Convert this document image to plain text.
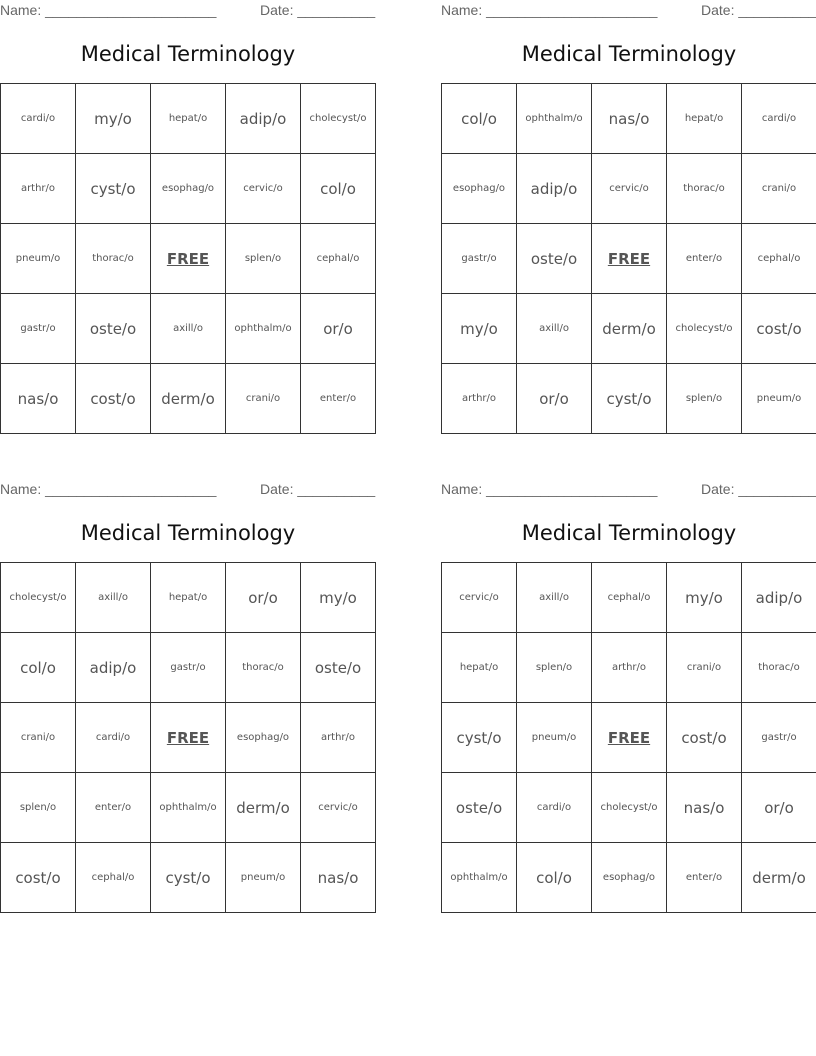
Name: ______________________	Date: __________
Medical Terminology
cardi/o	my/o	hepat/o	adip/o	cholecyst/o
arthr/o	cyst/o	esophag/o	cervic/o	col/o
pneum/o	thorac/o	FREE	splen/o	cephal/o
gastr/o	oste/o	axill/o	ophthalm/o	or/o
nas/o	cost/o	derm/o	crani/o	enter/o
Name: ______________________	Date: __________
Medical Terminology
col/o	ophthalm/o	nas/o	hepat/o	cardi/o
esophag/o	adip/o	cervic/o	thorac/o	crani/o
gastr/o	oste/o	FREE	enter/o	cephal/o
my/o	axill/o	derm/o	cholecyst/o	cost/o
arthr/o	or/o	cyst/o	splen/o	pneum/o
Name: ______________________	Date: __________
Medical Terminology
cholecyst/o	axill/o	hepat/o	or/o	my/o
col/o	adip/o	gastr/o	thorac/o	oste/o
crani/o	cardi/o	FREE	esophag/o	arthr/o
splen/o	enter/o	ophthalm/o	derm/o	cervic/o
cost/o	cephal/o	cyst/o	pneum/o	nas/o
Name: ______________________	Date: __________
Medical Terminology
cervic/o	axill/o	cephal/o	my/o	adip/o
hepat/o	splen/o	arthr/o	crani/o	thorac/o
cyst/o	pneum/o	FREE	cost/o	gastr/o
oste/o	cardi/o	cholecyst/o	nas/o	or/o
ophthalm/o	col/o	esophag/o	enter/o	derm/o
